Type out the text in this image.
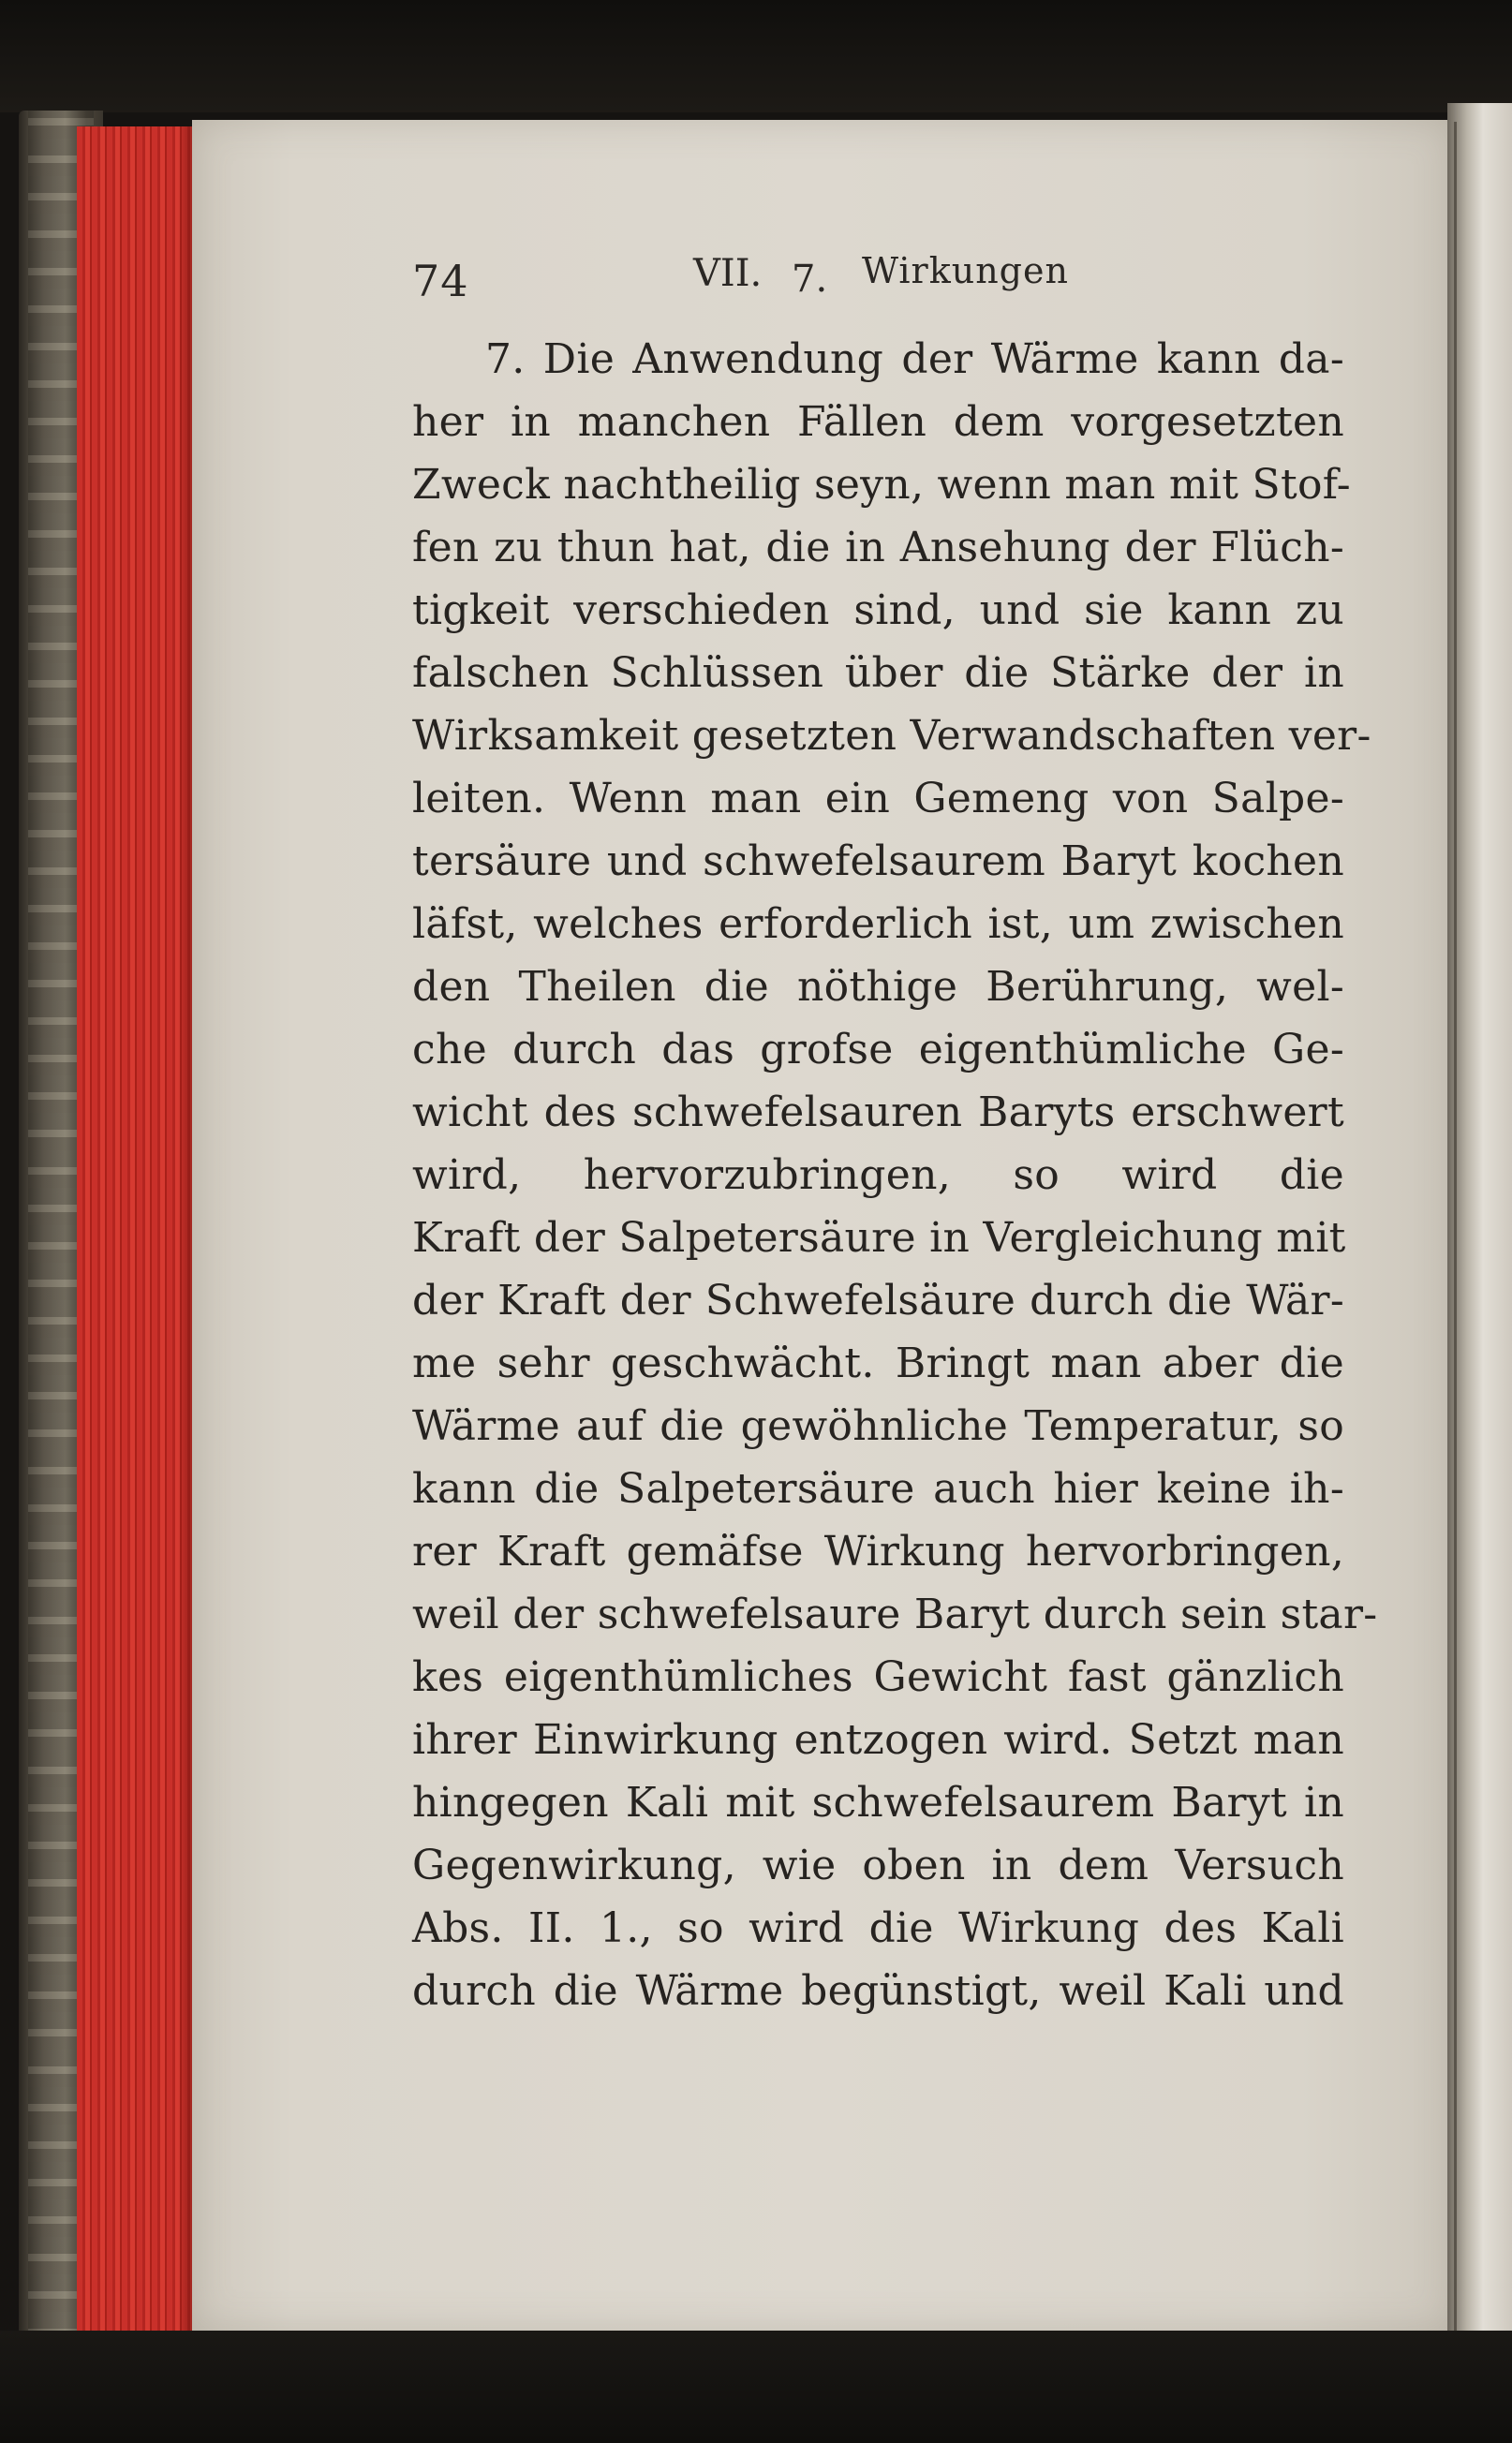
74	VII. 7. Wirkungen
7. Die Anwendung der Wärme kann da-
her in manchen Fällen dem vorgesetzten
Zweck nachtheilig seyn, wenn man mit Stof-
fen zu thun hat, die in Ansehung der Flüch-
tigkeit verschieden sind, und sie kann zu
falschen Schlüssen über die Stärke der in
Wirksamkeit gesetzten Verwandschaften ver-
leiten. Wenn man ein Gemeng von Salpe-
tersäure und schwefelsaurem Baryt kochen
läfst, welches erforderlich ist, um zwischen
den Theilen die nöthige Berührung, wel-
che durch das grofse eigenthümliche Ge-
wicht des schwefelsauren Baryts erschwert
wird, hervorzubringen, so wird die
Kraft der Salpetersäure in Vergleichung mit
der Kraft der Schwefelsäure durch die Wär-
me sehr geschwächt. Bringt man aber die
Wärme auf die gewöhnliche Temperatur, so
kann die Salpetersäure auch hier keine ih-
rer Kraft gemäfse Wirkung hervorbringen,
weil der schwefelsaure Baryt durch sein star-
kes eigenthümliches Gewicht fast gänzlich
ihrer Einwirkung entzogen wird. Setzt man
hingegen Kali mit schwefelsaurem Baryt in
Gegenwirkung, wie oben in dem Versuch
Abs. II. 1., so wird die Wirkung des Kali
durch die Wärme begünstigt, weil Kali und
